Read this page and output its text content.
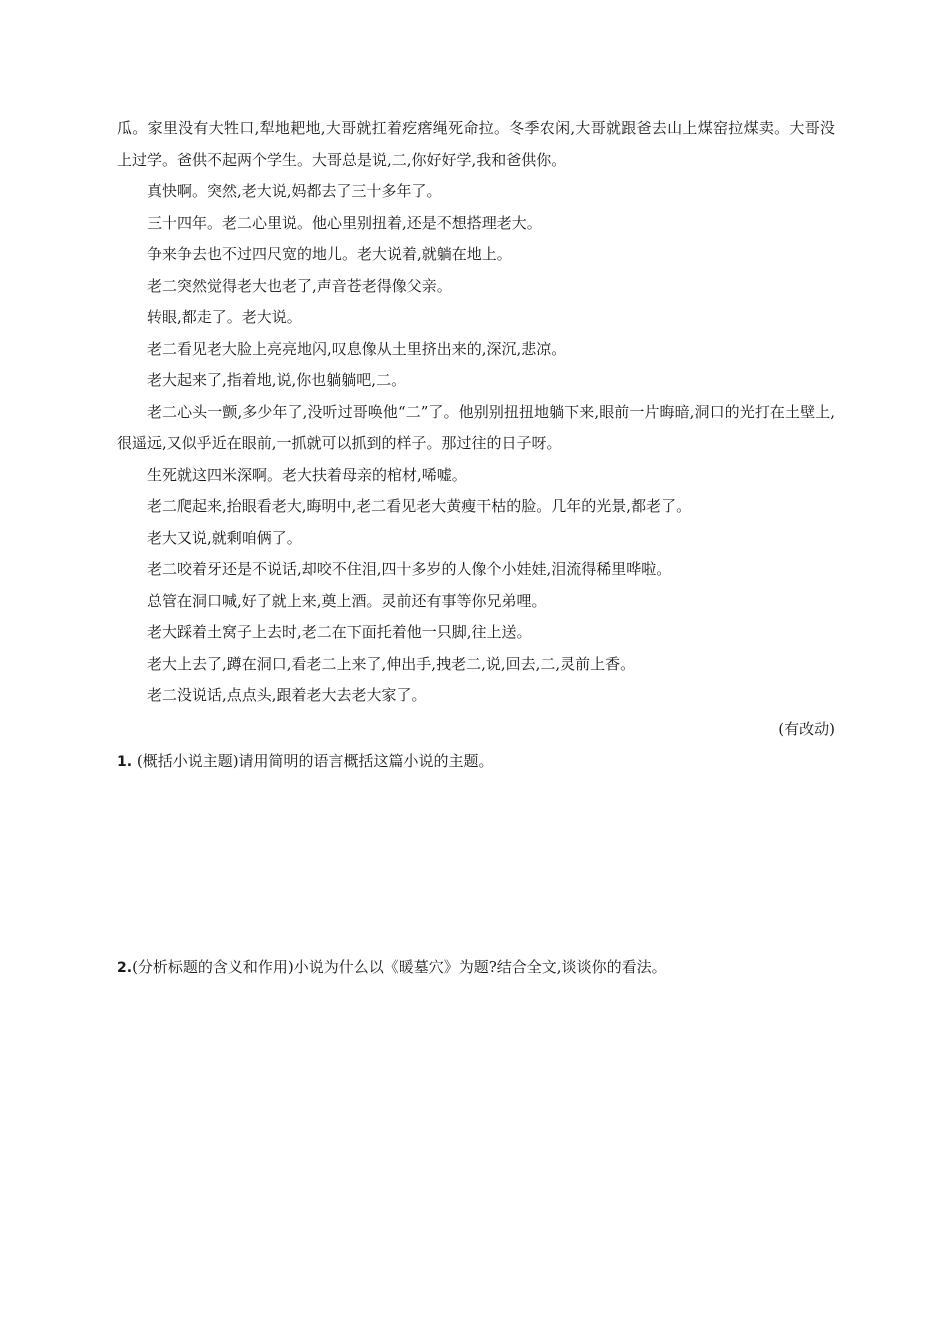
瓜。家里没有大牲口,犁地耙地,大哥就扛着疙瘩绳死命拉。冬季农闲,大哥就跟爸去山上煤窑拉煤卖。大哥没上过学。爸供不起两个学生。大哥总是说,二,你好好学,我和爸供你。

真快啊。突然,老大说,妈都去了三十多年了。

三十四年。老二心里说。他心里别扭着,还是不想搭理老大。

争来争去也不过四尺宽的地儿。老大说着,就躺在地上。

老二突然觉得老大也老了,声音苍老得像父亲。

转眼,都走了。老大说。

老二看见老大脸上亮亮地闪,叹息像从土里挤出来的,深沉,悲凉。

老大起来了,指着地,说,你也躺躺吧,二。

老二心头一颤,多少年了,没听过哥唤他“二”了。他别别扭扭地躺下来,眼前一片晦暗,洞口的光打在土壁上,很遥远,又似乎近在眼前,一抓就可以抓到的样子。那过往的日子呀。

生死就这四米深啊。老大扶着母亲的棺材,唏嘘。

老二爬起来,抬眼看老大,晦明中,老二看见老大黄瘦干枯的脸。几年的光景,都老了。

老大又说,就剩咱俩了。

老二咬着牙还是不说话,却咬不住泪,四十多岁的人像个小娃娃,泪流得稀里哗啦。

总管在洞口喊,好了就上来,奠上酒。灵前还有事等你兄弟哩。

老大踩着土窝子上去时,老二在下面托着他一只脚,往上送。

老大上去了,蹲在洞口,看老二上来了,伸出手,拽老二,说,回去,二,灵前上香。

老二没说话,点点头,跟着老大去老大家了。

(有改动)

1. (概括小说主题)请用简明的语言概括这篇小说的主题。

2.(分析标题的含义和作用)小说为什么以《暖墓穴》为题?结合全文,谈谈你的看法。
